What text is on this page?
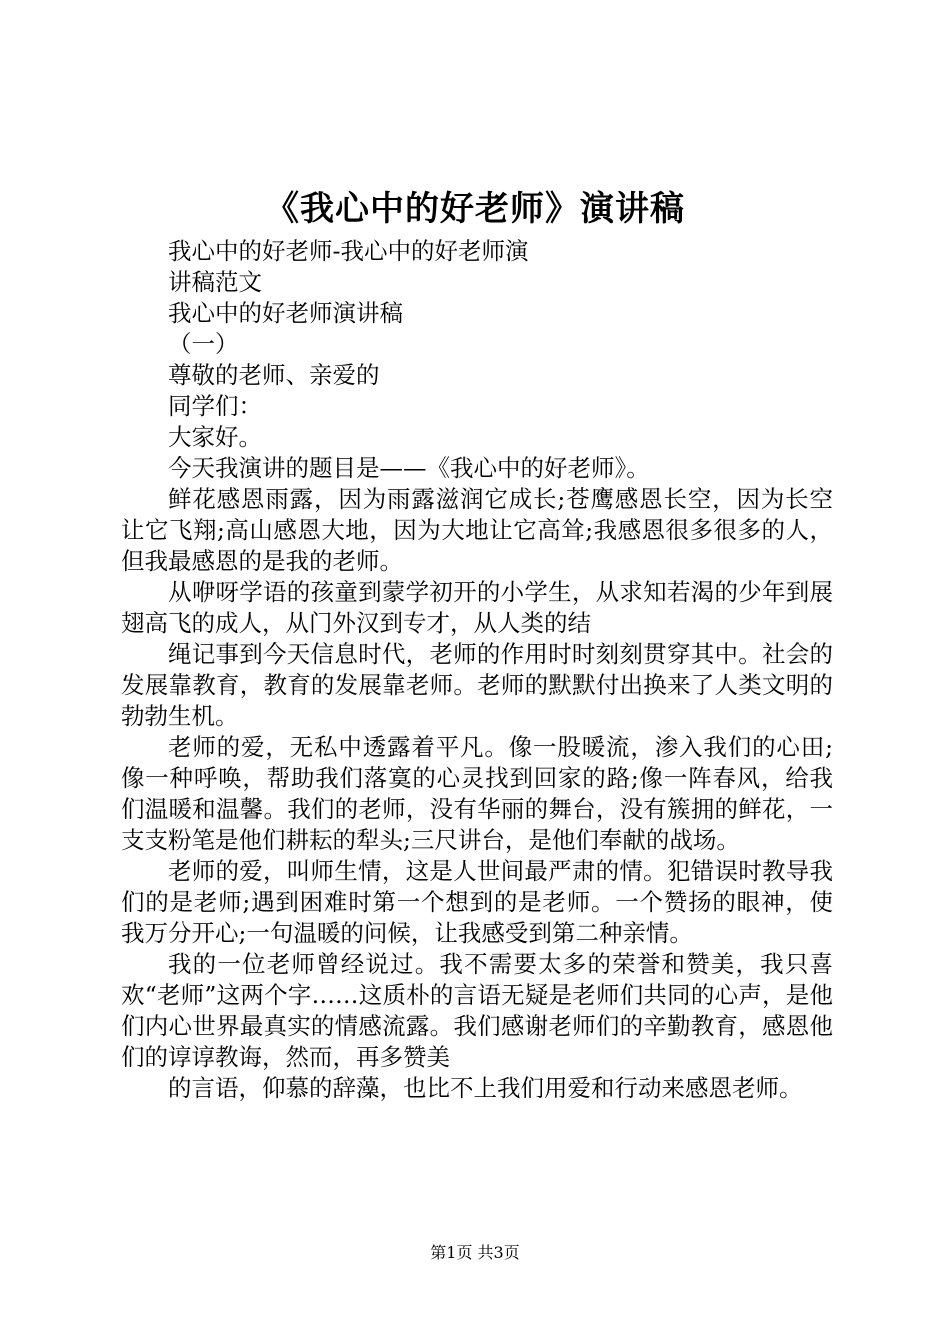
《我心中的好老师》演讲稿

我心中的好老师-我心中的好老师演

讲稿范文

我心中的好老师演讲稿

（一）

尊敬的老师、亲爱的

同学们：

大家好。

今天我演讲的题目是——《我心中的好老师》。

鲜花感恩雨露，因为雨露滋润它成长;苍鹰感恩长空，因为长空让它飞翔;高山感恩大地，因为大地让它高耸;我感恩很多很多的人，但我最感恩的是我的老师。

从咿呀学语的孩童到蒙学初开的小学生，从求知若渴的少年到展翅高飞的成人，从门外汉到专才，从人类的结

绳记事到今天信息时代，老师的作用时时刻刻贯穿其中。社会的发展靠教育，教育的发展靠老师。老师的默默付出换来了人类文明的勃勃生机。

老师的爱，无私中透露着平凡。像一股暖流，渗入我们的心田;像一种呼唤，帮助我们落寞的心灵找到回家的路;像一阵春风，给我们温暖和温馨。我们的老师，没有华丽的舞台，没有簇拥的鲜花，一支支粉笔是他们耕耘的犁头;三尺讲台，是他们奉献的战场。

老师的爱，叫师生情，这是人世间最严肃的情。犯错误时教导我们的是老师;遇到困难时第一个想到的是老师。一个赞扬的眼神，使我万分开心;一句温暖的问候，让我感受到第二种亲情。

我的一位老师曾经说过。我不需要太多的荣誉和赞美，我只喜欢“老师”这两个字……这质朴的言语无疑是老师们共同的心声，是他们内心世界最真实的情感流露。我们感谢老师们的辛勤教育，感恩他们的谆谆教诲，然而，再多赞美

的言语，仰慕的辞藻，也比不上我们用爱和行动来感恩老师。

第1页 共3页
